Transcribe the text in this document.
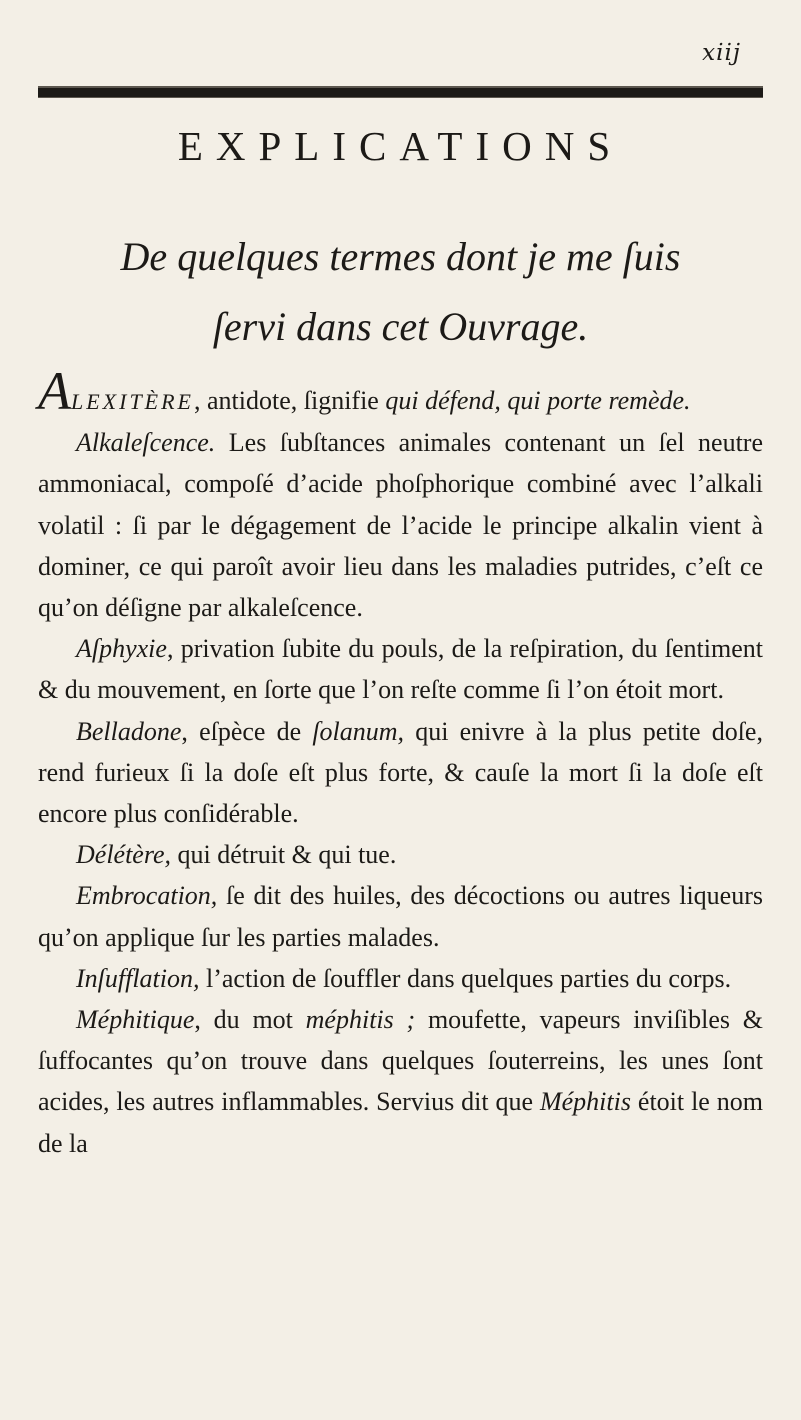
xiij
EXPLICATIONS
De quelques termes dont je me ſuis
ſervi dans cet Ouvrage.

ALEXITÈRE, antidote, ſignifie qui défend, qui porte remède.

Alkaleſcence. Les ſubſtances animales contenant un ſel neutre ammoniacal, compoſé d’acide phoſphorique combiné avec l’alkali volatil : ſi par le dégagement de l’acide le principe alkalin vient à dominer, ce qui paroît avoir lieu dans les maladies putrides, c’eſt ce qu’on déſigne par alkaleſcence.

Aſphyxie, privation ſubite du pouls, de la reſpiration, du ſentiment & du mouvement, en ſorte que l’on reſte comme ſi l’on étoit mort.

Belladone, eſpèce de ſolanum, qui enivre à la plus petite doſe, rend furieux ſi la doſe eſt plus forte, & cauſe la mort ſi la doſe eſt encore plus conſidérable.

Délétère, qui détruit & qui tue.

Embrocation, ſe dit des huiles, des décoctions ou autres liqueurs qu’on applique ſur les parties malades.

Inſufflation, l’action de ſouffler dans quelques parties du corps.

Méphitique, du mot méphitis ; moufette, vapeurs inviſibles & ſuffocantes qu’on trouve dans quelques ſouterreins, les unes ſont acides, les autres inflammables. Servius dit que Méphitis étoit le nom de la
